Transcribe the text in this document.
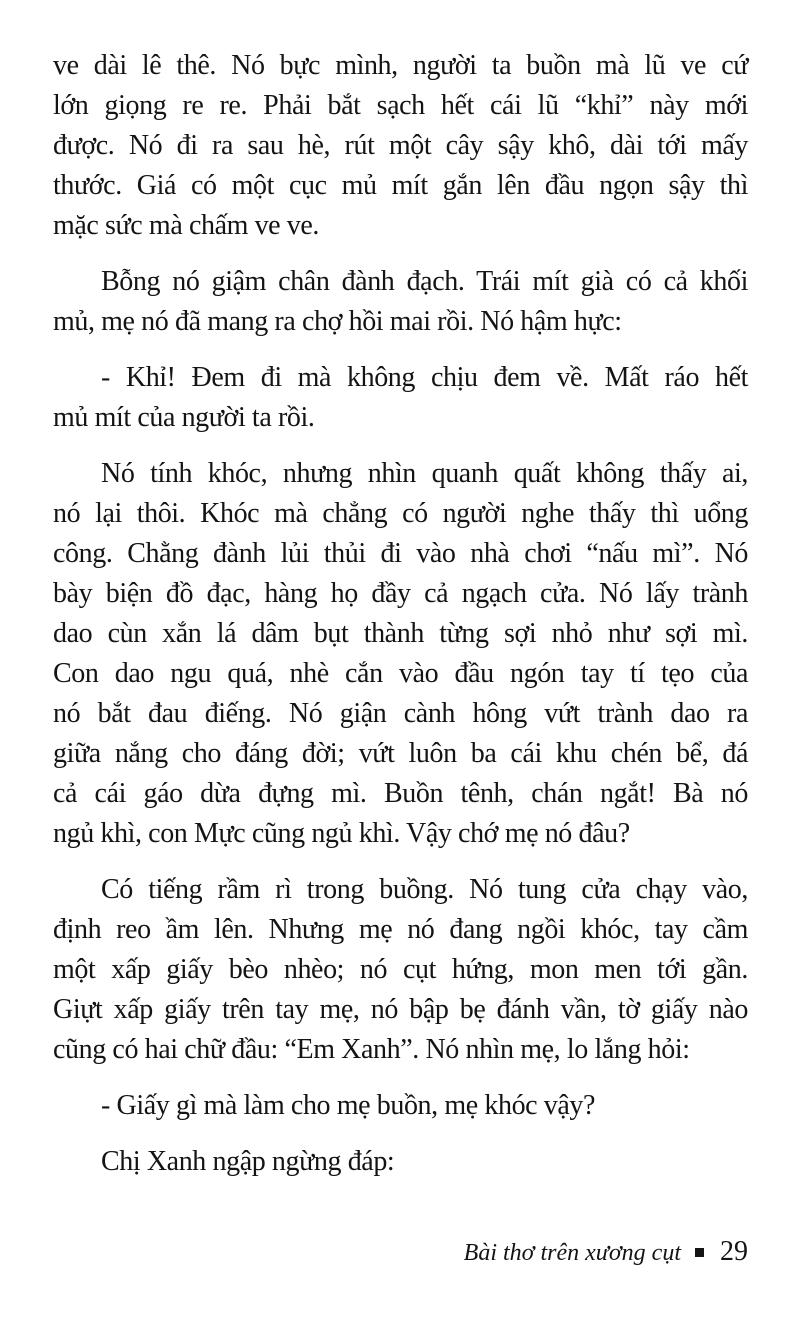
ve dài lê thê. Nó bực mình, người ta buồn mà lũ ve cứ
lớn giọng re re. Phải bắt sạch hết cái lũ “khỉ” này mới
được. Nó đi ra sau hè, rút một cây sậy khô, dài tới mấy
thước. Giá có một cục mủ mít gắn lên đầu ngọn sậy thì
mặc sức mà chấm ve ve.
Bỗng nó giậm chân đành đạch. Trái mít già có cả khối
mủ, mẹ nó đã mang ra chợ hồi mai rồi. Nó hậm hực:
- Khỉ! Đem đi mà không chịu đem về. Mất ráo hết
mủ mít của người ta rồi.
Nó tính khóc, nhưng nhìn quanh quất không thấy ai,
nó lại thôi. Khóc mà chẳng có người nghe thấy thì uổng
công. Chằng đành lủi thủi đi vào nhà chơi “nấu mì”. Nó
bày biện đồ đạc, hàng họ đầy cả ngạch cửa. Nó lấy trành
dao cùn xắn lá dâm bụt thành từng sợi nhỏ như sợi mì.
Con dao ngu quá, nhè cắn vào đầu ngón tay tí tẹo của
nó bắt đau điếng. Nó giận cành hông vứt trành dao ra
giữa nắng cho đáng đời; vứt luôn ba cái khu chén bể, đá
cả cái gáo dừa đựng mì. Buồn tênh, chán ngắt! Bà nó
ngủ khì, con Mực cũng ngủ khì. Vậy chớ mẹ nó đâu?
Có tiếng rầm rì trong buồng. Nó tung cửa chạy vào,
định reo ầm lên. Nhưng mẹ nó đang ngồi khóc, tay cầm
một xấp giấy bèo nhèo; nó cụt hứng, mon men tới gần.
Giựt xấp giấy trên tay mẹ, nó bập bẹ đánh vần, tờ giấy nào
cũng có hai chữ đầu: “Em Xanh”. Nó nhìn mẹ, lo lắng hỏi:
- Giấy gì mà làm cho mẹ buồn, mẹ khóc vậy?
Chị Xanh ngập ngừng đáp:
Bài thơ trên xương cụt 29
